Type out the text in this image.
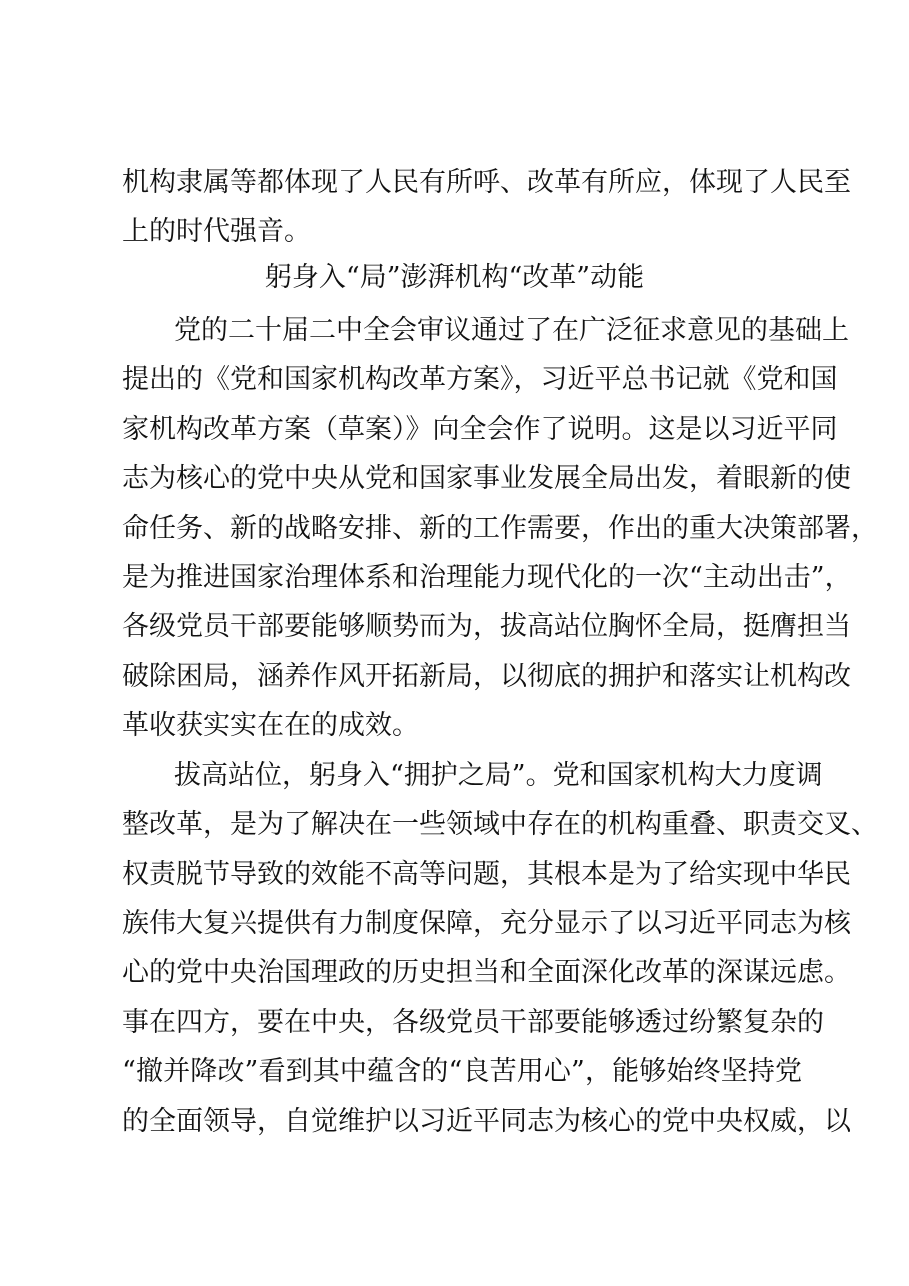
机构隶属等都体现了人民有所呼、改革有所应，体现了人民至
上的时代强音。
躬身入“局”澎湃机构“改革”动能
党的二十届二中全会审议通过了在广泛征求意见的基础上
提出的《党和国家机构改革方案》，习近平总书记就《党和国
家机构改革方案（草案）》向全会作了说明。这是以习近平同
志为核心的党中央从党和国家事业发展全局出发，着眼新的使
命任务、新的战略安排、新的工作需要，作出的重大决策部署，
是为推进国家治理体系和治理能力现代化的一次“主动出击”，
各级党员干部要能够顺势而为，拔高站位胸怀全局，挺膺担当
破除困局，涵养作风开拓新局，以彻底的拥护和落实让机构改
革收获实实在在的成效。
拔高站位，躬身入“拥护之局”。党和国家机构大力度调
整改革，是为了解决在一些领域中存在的机构重叠、职责交叉、
权责脱节导致的效能不高等问题，其根本是为了给实现中华民
族伟大复兴提供有力制度保障，充分显示了以习近平同志为核
心的党中央治国理政的历史担当和全面深化改革的深谋远虑。
事在四方，要在中央，各级党员干部要能够透过纷繁复杂的
“撤并降改”看到其中蕴含的“良苦用心”，能够始终坚持党
的全面领导，自觉维护以习近平同志为核心的党中央权威，以
